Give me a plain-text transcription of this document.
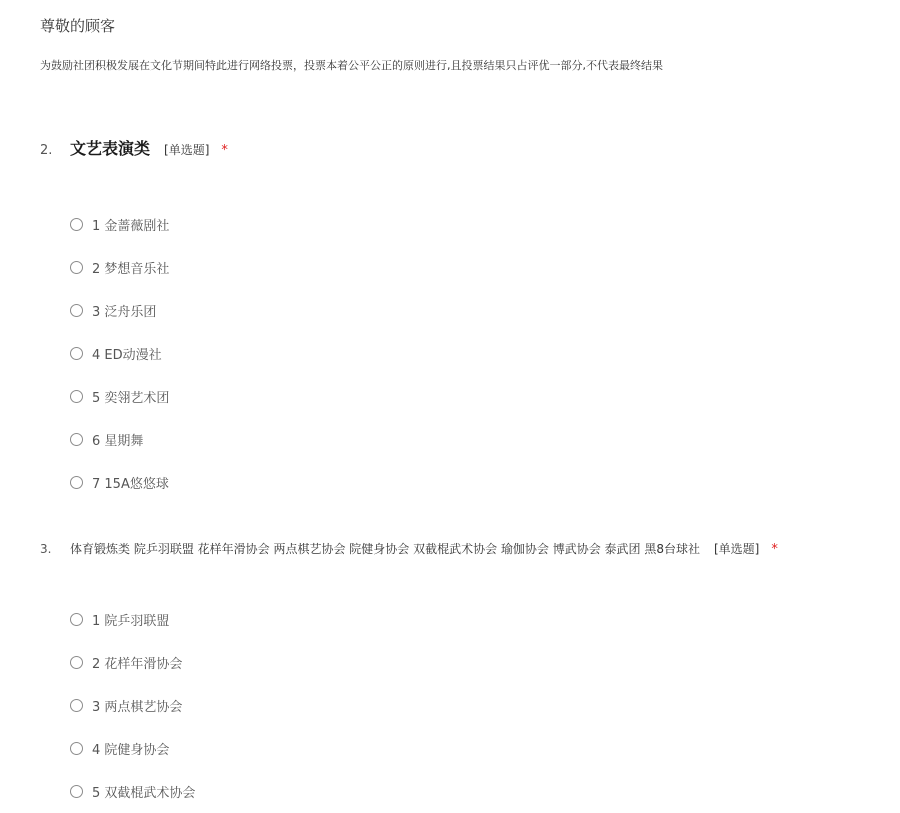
尊敬的顾客
为鼓励社团积极发展在文化节期间特此进行网络投票，投票本着公平公正的原则进行,且投票结果只占评优一部分,不代表最终结果
2.	文艺表演类 [单选题] *
1 金蔷薇剧社
2 梦想音乐社
3 泛舟乐团
4 ED动漫社
5 奕翎艺术团
6 星期舞
7 15A悠悠球
3.	体育锻炼类 院乒羽联盟 花样年滑协会 两点棋艺协会 院健身协会 双截棍武术协会 瑜伽协会 博武协会 泰武团 黑8台球社 [单选题] *
1 院乒羽联盟
2 花样年滑协会
3 两点棋艺协会
4 院健身协会
5 双截棍武术协会
